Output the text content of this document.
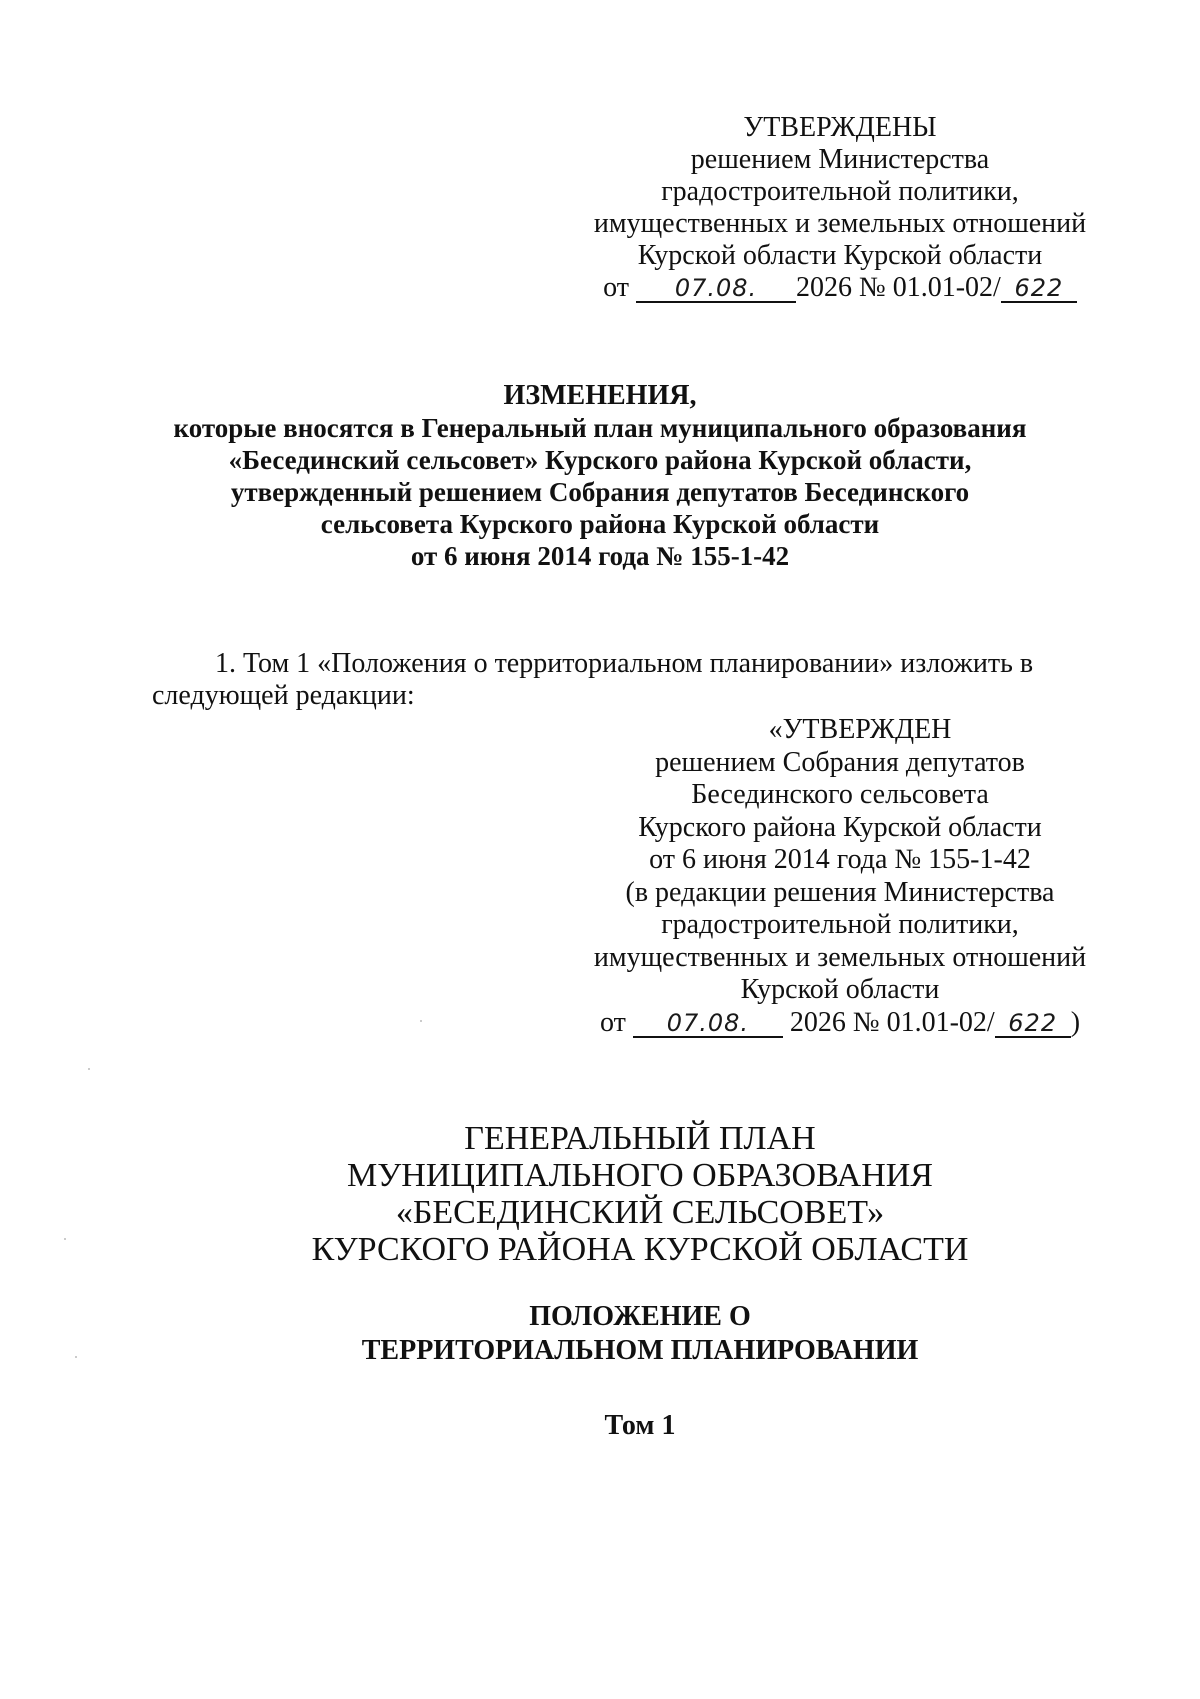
УТВЕРЖДЕНЫ
решением Министерства
градостроительной политики,
имущественных и земельных отношений
Курской области Курской области
от 07.08. 2026 № 01.01-02/ 622
ИЗМЕНЕНИЯ,
которые вносятся в Генеральный план муниципального образования
«Бесединский сельсовет» Курского района Курской области,
утвержденный решением Собрания депутатов Бесединского
сельсовета Курского района Курской области
от 6 июня 2014 года № 155-1-42
1. Том 1 «Положения о территориальном планировании» изложить в
следующей редакции:
«УТВЕРЖДЕН
решением Собрания депутатов
Бесединского сельсовета
Курского района Курской области
от 6 июня 2014 года № 155-1-42
(в редакции решения Министерства
градостроительной политики,
имущественных и земельных отношений
Курской области
от 07.08. 2026 № 01.01-02/ 622 )
ГЕНЕРАЛЬНЫЙ ПЛАН
МУНИЦИПАЛЬНОГО ОБРАЗОВАНИЯ
«БЕСЕДИНСКИЙ СЕЛЬСОВЕТ»
КУРСКОГО РАЙОНА КУРСКОЙ ОБЛАСТИ
ПОЛОЖЕНИЕ О
ТЕРРИТОРИАЛЬНОМ ПЛАНИРОВАНИИ
Том 1
